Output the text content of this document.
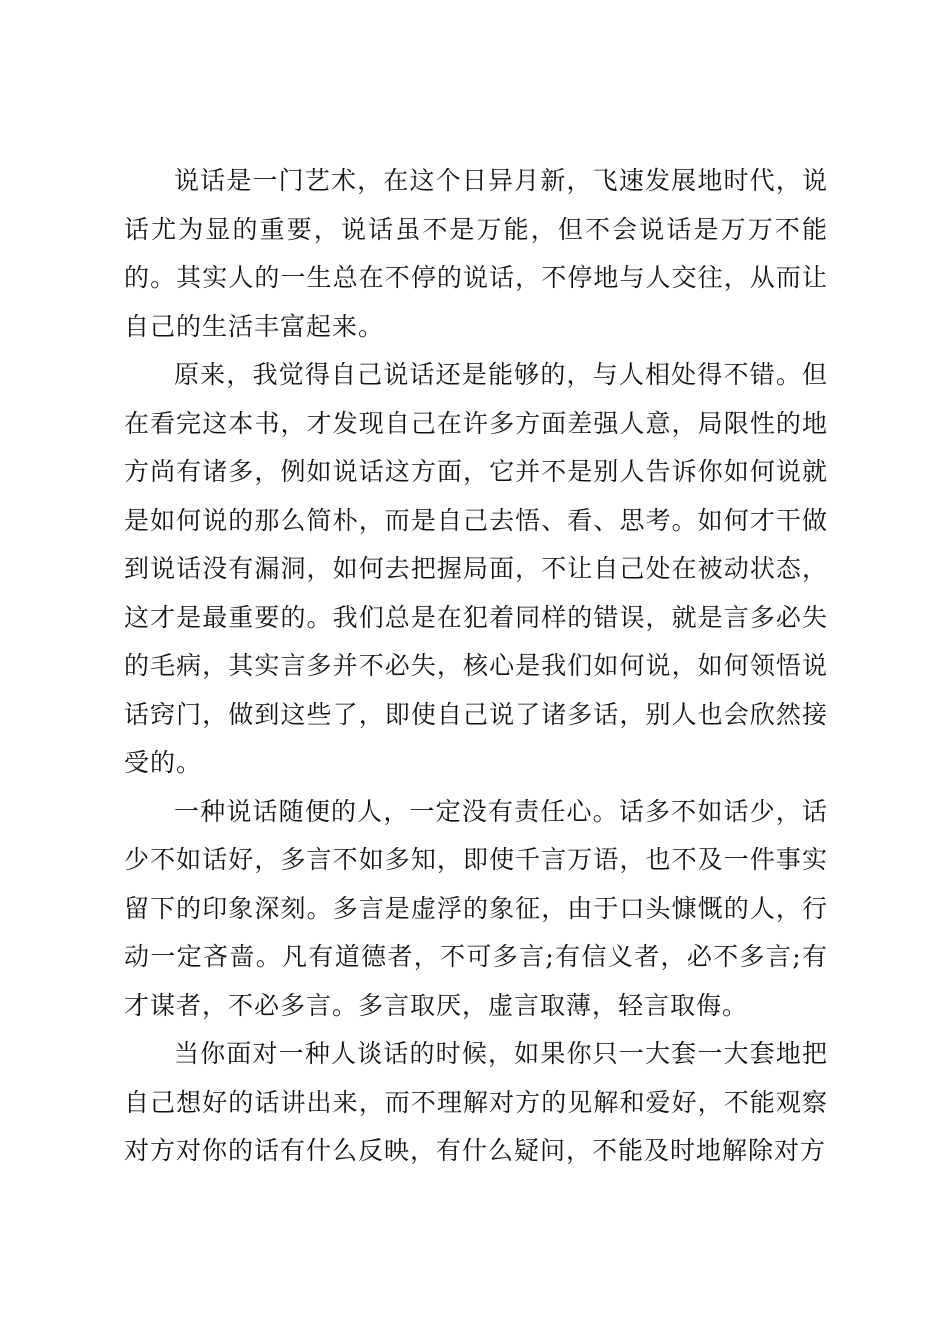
说话是一门艺术，在这个日异月新，飞速发展地时代，说话尤为显的重要，说话虽不是万能，但不会说话是万万不能的。其实人的一生总在不停的说话，不停地与人交往，从而让自己的生活丰富起来。

原来，我觉得自己说话还是能够的，与人相处得不错。但在看完这本书，才发现自己在许多方面差强人意，局限性的地方尚有诸多，例如说话这方面，它并不是别人告诉你如何说就是如何说的那么简朴，而是自己去悟、看、思考。如何才干做到说话没有漏洞，如何去把握局面，不让自己处在被动状态，这才是最重要的。我们总是在犯着同样的错误，就是言多必失的毛病，其实言多并不必失，核心是我们如何说，如何领悟说话窍门，做到这些了，即使自己说了诸多话，别人也会欣然接受的。

一种说话随便的人，一定没有责任心。话多不如话少，话少不如话好，多言不如多知，即使千言万语，也不及一件事实留下的印象深刻。多言是虚浮的象征，由于口头慷慨的人，行动一定吝啬。凡有道德者，不可多言;有信义者，必不多言;有才谋者，不必多言。多言取厌，虚言取薄，轻言取侮。

当你面对一种人谈话的时候，如果你只一大套一大套地把自己想好的话讲出来，而不理解对方的见解和爱好，不能观察对方对你的话有什么反映，有什么疑问，不能及时地解除对方
